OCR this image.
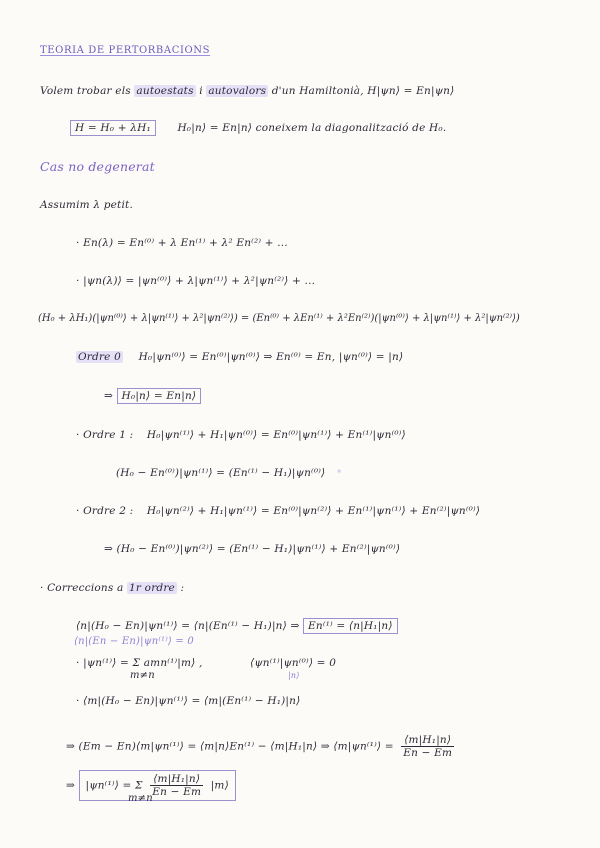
TEORIA DE PERTORBACIONS
Volem trobar els autoestats i autovalors d'un Hamiltonià, H|ψn⟩ = En|ψn⟩
H = H₀ + λH₁	H₀|n⟩ = En|n⟩ coneixem la diagonalització de H₀.
Cas no degenerat
Assumim λ petit.
· En(λ) = En⁽⁰⁾ + λ En⁽¹⁾ + λ² En⁽²⁾ + ...
· |ψn(λ)⟩ = |ψn⁽⁰⁾⟩ + λ|ψn⁽¹⁾⟩ + λ²|ψn⁽²⁾⟩ + ...
(H₀ + λH₁)(|ψn⁽⁰⁾⟩ + λ|ψn⁽¹⁾⟩ + λ²|ψn⁽²⁾⟩) = (En⁽⁰⁾ + λEn⁽¹⁾ + λ²En⁽²⁾)(|ψn⁽⁰⁾⟩ + λ|ψn⁽¹⁾⟩ + λ²|ψn⁽²⁾⟩)
Ordre 0 H₀|ψn⁽⁰⁾⟩ = En⁽⁰⁾|ψn⁽⁰⁾⟩ ⇒ En⁽⁰⁾ = En, |ψn⁽⁰⁾⟩ = |n⟩
⇒ H₀|n⟩ = En|n⟩
· Ordre 1 : H₀|ψn⁽¹⁾⟩ + H₁|ψn⁽⁰⁾⟩ = En⁽⁰⁾|ψn⁽¹⁾⟩ + En⁽¹⁾|ψn⁽⁰⁾⟩
(H₀ − En⁽⁰⁾)|ψn⁽¹⁾⟩ = (En⁽¹⁾ − H₁)|ψn⁽⁰⁾⟩ *
· Ordre 2 : H₀|ψn⁽²⁾⟩ + H₁|ψn⁽¹⁾⟩ = En⁽⁰⁾|ψn⁽²⁾⟩ + En⁽¹⁾|ψn⁽¹⁾⟩ + En⁽²⁾|ψn⁽⁰⁾⟩
⇒ (H₀ − En⁽⁰⁾)|ψn⁽²⁾⟩ = (En⁽¹⁾ − H₁)|ψn⁽¹⁾⟩ + En⁽²⁾|ψn⁽⁰⁾⟩
· Correccions a 1r ordre :
⟨n|(H₀ − En)|ψn⁽¹⁾⟩ = ⟨n|(En⁽¹⁾ − H₁)|n⟩ ⇒ En⁽¹⁾ = ⟨n|H₁|n⟩
⟨n|(En − En)|ψn⁽¹⁾⟩ = 0
· |ψn⁽¹⁾⟩ = Σ amn⁽¹⁾|m⟩ ,	⟨ψn⁽¹⁾|ψn⁽⁰⁾⟩ = 0
m≠n	|n⟩
· ⟨m|(H₀ − En)|ψn⁽¹⁾⟩ = ⟨m|(En⁽¹⁾ − H₁)|n⟩
⇒ (Em − En)⟨m|ψn⁽¹⁾⟩ = ⟨m|n⟩En⁽¹⁾ − ⟨m|H₁|n⟩ ⇒ ⟨m|ψn⁽¹⁾⟩ = $\frac{\text{⟨m|H₁|n⟩}}{En - Em}$
⇒ |ψn⁽¹⁾⟩ = Σ $\frac{\text{⟨m|H₁|n⟩}}{En - Em}$ |m⟩
m≠n
